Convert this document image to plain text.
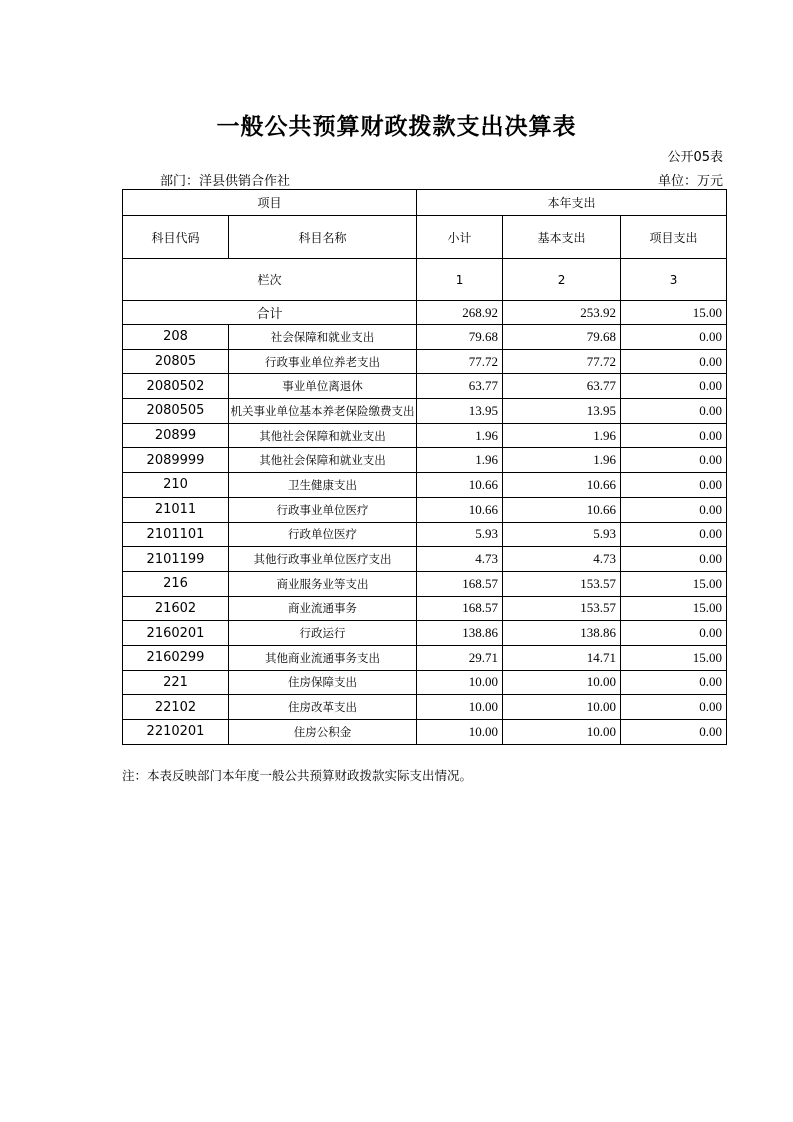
一般公共预算财政拨款支出决算表
公开05表
部门：洋县供销合作社	单位：万元
项目		本年支出		
科目代码	科目名称	小计	基本支出	项目支出
栏次		1	2	3
合计		268.92	253.92	15.00
208	社会保障和就业支出	79.68	79.68	0.00
20805	行政事业单位养老支出	77.72	77.72	0.00
2080502	事业单位离退休	63.77	63.77	0.00
2080505	机关事业单位基本养老保险缴费支出	13.95	13.95	0.00
20899	其他社会保障和就业支出	1.96	1.96	0.00
2089999	其他社会保障和就业支出	1.96	1.96	0.00
210	卫生健康支出	10.66	10.66	0.00
21011	行政事业单位医疗	10.66	10.66	0.00
2101101	行政单位医疗	5.93	5.93	0.00
2101199	其他行政事业单位医疗支出	4.73	4.73	0.00
216	商业服务业等支出	168.57	153.57	15.00
21602	商业流通事务	168.57	153.57	15.00
2160201	行政运行	138.86	138.86	0.00
2160299	其他商业流通事务支出	29.71	14.71	15.00
221	住房保障支出	10.00	10.00	0.00
22102	住房改革支出	10.00	10.00	0.00
2210201	住房公积金	10.00	10.00	0.00
注：本表反映部门本年度一般公共预算财政拨款实际支出情况。
